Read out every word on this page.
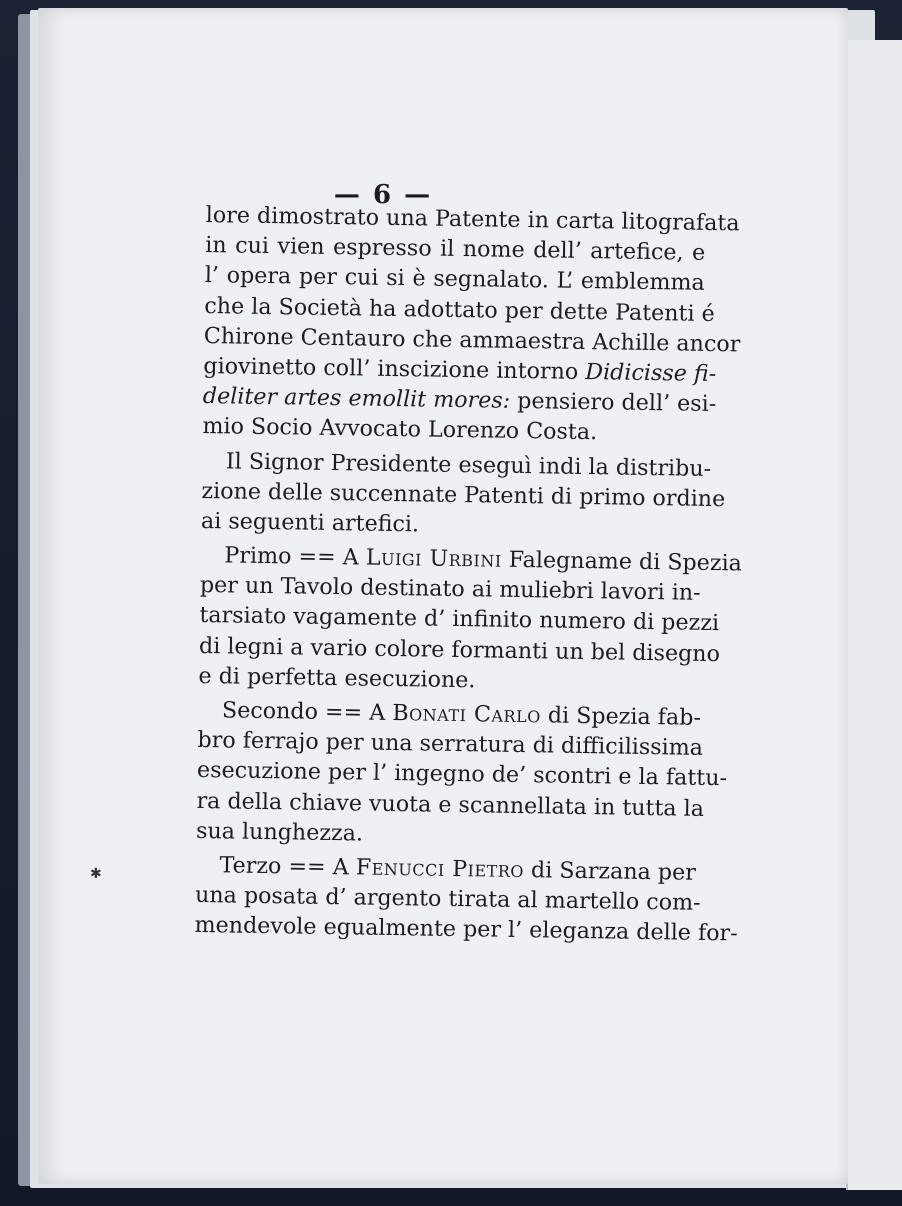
— 6 —
✱
lore dimostrato una Patente in carta litografata
in cui vien espresso il nome dell’ artefice, e
l’ opera per cui si è segnalato. L’ emblemma
che la Società ha adottato per dette Patenti é
Chirone Centauro che ammaestra Achille ancor
giovinetto coll’ inscizione intorno Didicisse fi-
deliter artes emollit mores: pensiero dell’ esi-
mio Socio Avvocato Lorenzo Costa.
Il Signor Presidente eseguì indi la distribu-
zione delle succennate Patenti di primo ordine
ai seguenti artefici.
Primo == A Luigi Urbini Falegname di Spezia
per un Tavolo destinato ai muliebri lavori in-
tarsiato vagamente d’ infinito numero di pezzi
di legni a vario colore formanti un bel disegno
e di perfetta esecuzione.
Secondo == A Bonati Carlo di Spezia fab-
bro ferrajo per una serratura di difficilissima
esecuzione per l’ ingegno de’ scontri e la fattu-
ra della chiave vuota e scannellata in tutta la
sua lunghezza.
Terzo == A Fenucci Pietro di Sarzana per
una posata d’ argento tirata al martello com-
mendevole egualmente per l’ eleganza delle for-
